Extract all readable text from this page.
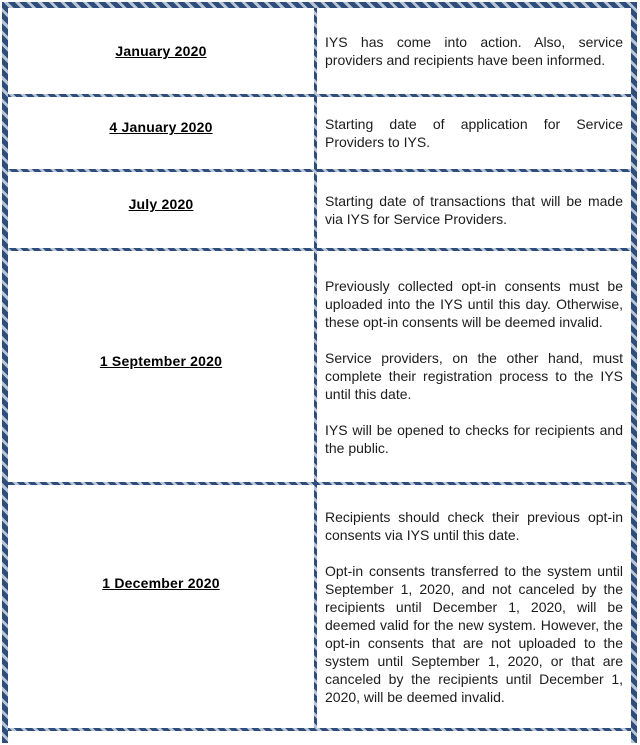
January 2020

IYS has come into action. Also, service providers and recipients have been informed.

4 January 2020	Starting date of application for Service Providers to IYS.

July 2020	Starting date of transactions that will be made via IYS for Service Providers.

1 September 2020

Previously collected opt-in consents must be uploaded into the IYS until this day. Otherwise, these opt-in consents will be deemed invalid.

Service providers, on the other hand, must complete their registration process to the IYS until this date.

IYS will be opened to checks for recipients and the public.

1 December 2020

Recipients should check their previous opt-in consents via IYS until this date.

Opt-in consents transferred to the system until September 1, 2020, and not canceled by the recipients until December 1, 2020, will be deemed valid for the new system. However, the opt-in consents that are not uploaded to the system until September 1, 2020, or that are canceled by the recipients until December 1, 2020, will be deemed invalid.
